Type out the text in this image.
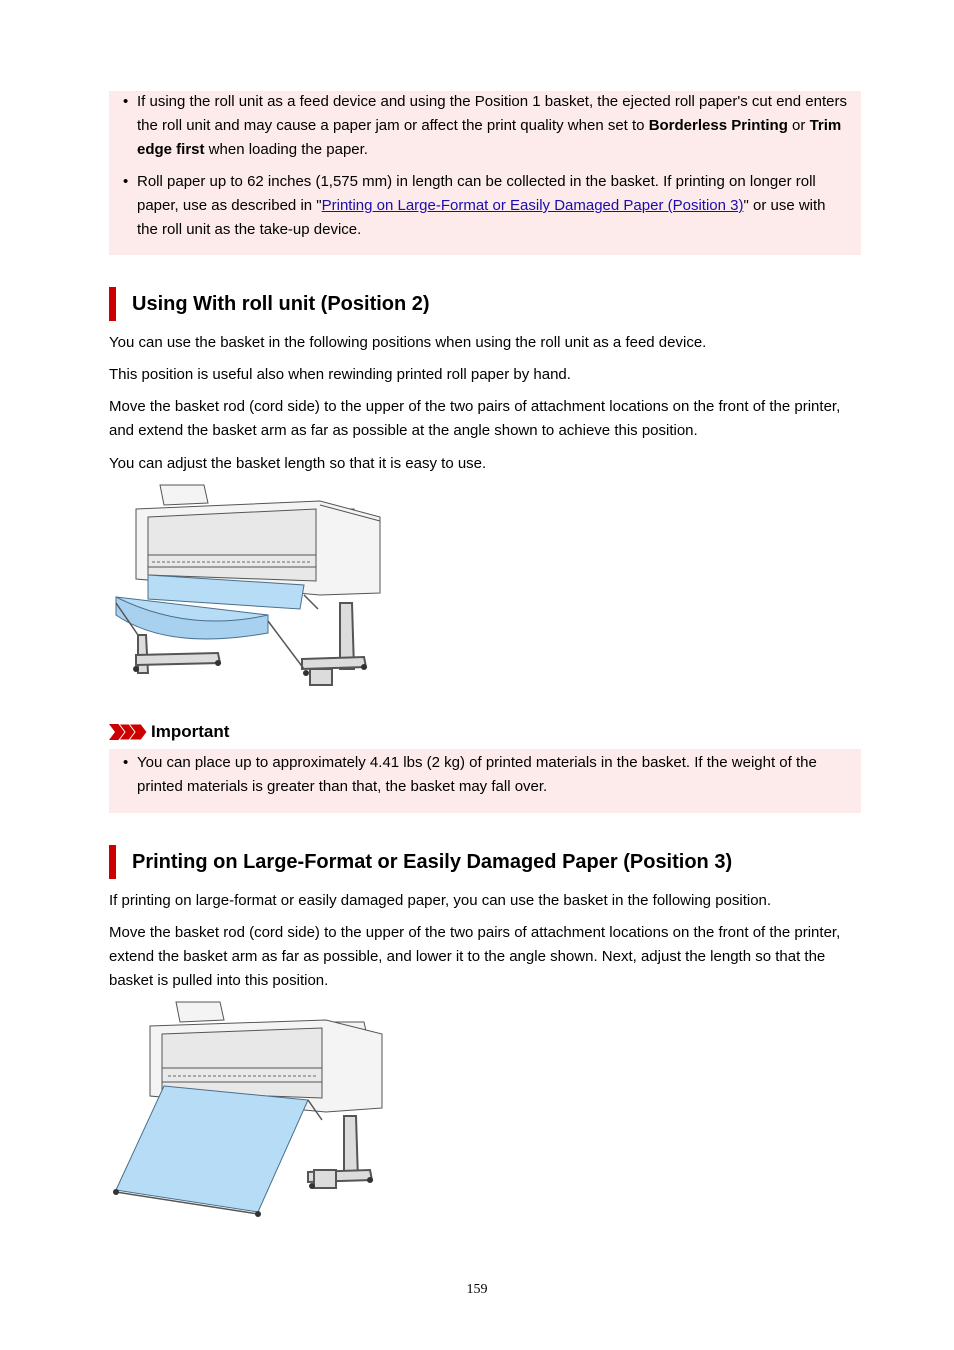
• If using the roll unit as a feed device and using the Position 1 basket, the ejected roll paper's cut end enters the roll unit and may cause a paper jam or affect the print quality when set to Borderless Printing or Trim edge first when loading the paper.
• Roll paper up to 62 inches (1,575 mm) in length can be collected in the basket. If printing on longer roll paper, use as described in "Printing on Large-Format or Easily Damaged Paper (Position 3)" or use with the roll unit as the take-up device.
Using With roll unit (Position 2)

You can use the basket in the following positions when using the roll unit as a feed device.

This position is useful also when rewinding printed roll paper by hand.

Move the basket rod (cord side) to the upper of the two pairs of attachment locations on the front of the printer, and extend the basket arm as far as possible at the angle shown to achieve this position.

You can adjust the basket length so that it is easy to use.

Important
• You can place up to approximately 4.41 lbs (2 kg) of printed materials in the basket. If the weight of the printed materials is greater than that, the basket may fall over.
Printing on Large-Format or Easily Damaged Paper (Position 3)

If printing on large-format or easily damaged paper, you can use the basket in the following position.

Move the basket rod (cord side) to the upper of the two pairs of attachment locations on the front of the printer, extend the basket arm as far as possible, and lower it to the angle shown. Next, adjust the length so that the basket is pulled into this position.

159
